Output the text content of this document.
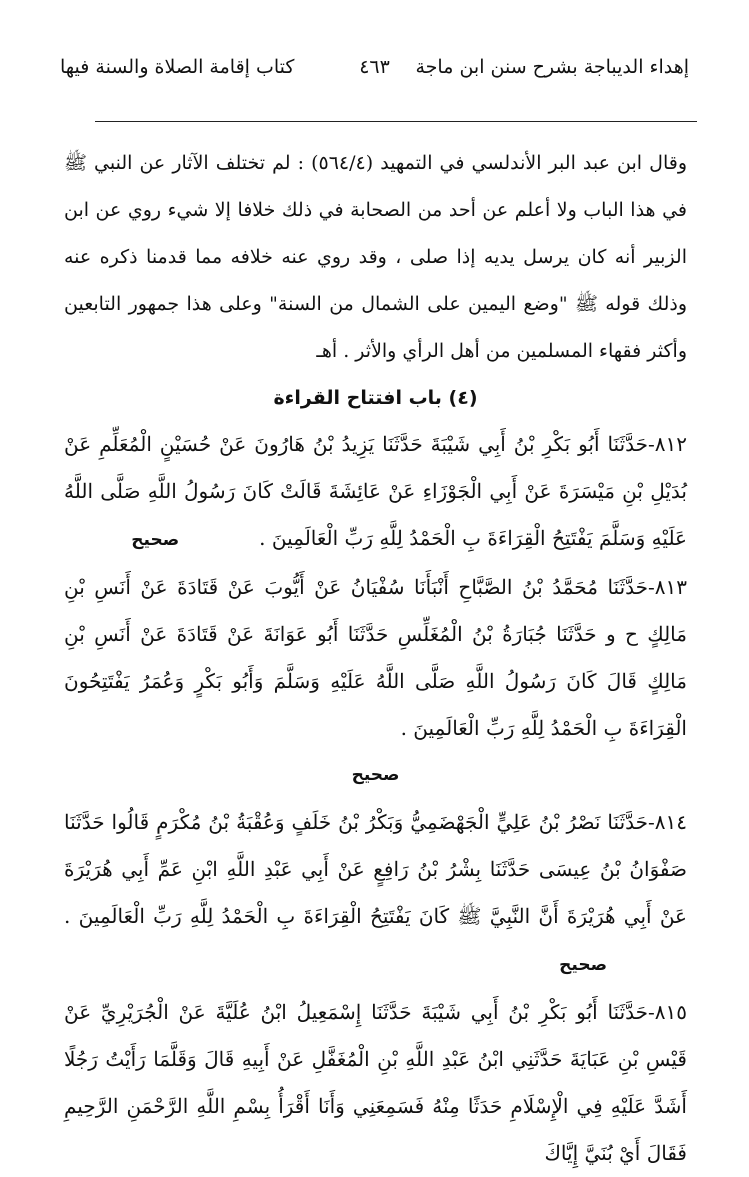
إهداء الديباجة بشرح سنن ابن ماجة
٤٦٣
كتاب إقامة الصلاة والسنة فيها

وقال ابن عبد البر الأندلسي في التمهيد (٥٦٤/٤) : لم تختلف الآثار عن النبي ﷺ في هذا الباب ولا أعلم عن أحد من الصحابة في ذلك خلافا إلا شيء روي عن ابن الزبير أنه كان يرسل يديه إذا صلى ، وقد روي عنه خلافه مما قدمنا ذكره عنه وذلك قوله ﷺ "وضع اليمين على الشمال من السنة" وعلى هذا جمهور التابعين وأكثر فقهاء المسلمين من أهل الرأي والأثر . أهـ

(٤) باب افتتاح القراءة

٨١٢-حَدَّثَنَا أَبُو بَكْرِ بْنُ أَبِي شَيْبَةَ حَدَّثَنَا يَزِيدُ بْنُ هَارُونَ عَنْ حُسَيْنٍ الْمُعَلِّمِ عَنْ بُدَيْلِ بْنِ مَيْسَرَةَ عَنْ أَبِي الْجَوْزَاءِ عَنْ عَائِشَةَ قَالَتْ كَانَ رَسُولُ اللَّهِ صَلَّى اللَّهُ عَلَيْهِ وَسَلَّمَ يَفْتَتِحُ الْقِرَاءَةَ بِ الْحَمْدُ لِلَّهِ رَبِّ الْعَالَمِينَ .صحيح

٨١٣-حَدَّثَنَا مُحَمَّدُ بْنُ الصَّبَّاحِ أَنْبَأَنَا سُفْيَانُ عَنْ أَيُّوبَ عَنْ قَتَادَةَ عَنْ أَنَسِ بْنِ مَالِكٍ ح و حَدَّثَنَا جُبَارَةُ بْنُ الْمُغَلِّسِ حَدَّثَنَا أَبُو عَوَانَةَ عَنْ قَتَادَةَ عَنْ أَنَسِ بْنِ مَالِكٍ قَالَ كَانَ رَسُولُ اللَّهِ صَلَّى اللَّهُ عَلَيْهِ وَسَلَّمَ وَأَبُو بَكْرٍ وَعُمَرُ يَفْتَتِحُونَ الْقِرَاءَةَ بِ الْحَمْدُ لِلَّهِ رَبِّ الْعَالَمِينَ .

صحيح

٨١٤-حَدَّثَنَا نَصْرُ بْنُ عَلِيٍّ الْجَهْضَمِيُّ وَبَكْرُ بْنُ خَلَفٍ وَعُقْبَةُ بْنُ مُكْرَمٍ قَالُوا حَدَّثَنَا صَفْوَانُ بْنُ عِيسَى حَدَّثَنَا بِشْرُ بْنُ رَافِعٍ عَنْ أَبِي عَبْدِ اللَّهِ ابْنِ عَمِّ أَبِي هُرَيْرَةَ عَنْ أَبِي هُرَيْرَةَ أَنَّ النَّبِيَّ ﷺ كَانَ يَفْتَتِحُ الْقِرَاءَةَ بِ الْحَمْدُ لِلَّهِ رَبِّ الْعَالَمِينَ .صحيح

٨١٥-حَدَّثَنَا أَبُو بَكْرِ بْنُ أَبِي شَيْبَةَ حَدَّثَنَا إِسْمَعِيلُ ابْنُ عُلَيَّةَ عَنْ الْجُرَيْرِيِّ عَنْ قَيْسِ بْنِ عَبَايَةَ حَدَّثَنِي ابْنُ عَبْدِ اللَّهِ بْنِ الْمُغَفَّلِ عَنْ أَبِيهِ قَالَ وَقَلَّمَا رَأَيْتُ رَجُلًا أَشَدَّ عَلَيْهِ فِي الْإِسْلَامِ حَدَثًا مِنْهُ فَسَمِعَنِي وَأَنَا أَقْرَأُ بِسْمِ اللَّهِ الرَّحْمَنِ الرَّحِيمِ فَقَالَ أَيْ بُنَيَّ إِيَّاكَ
